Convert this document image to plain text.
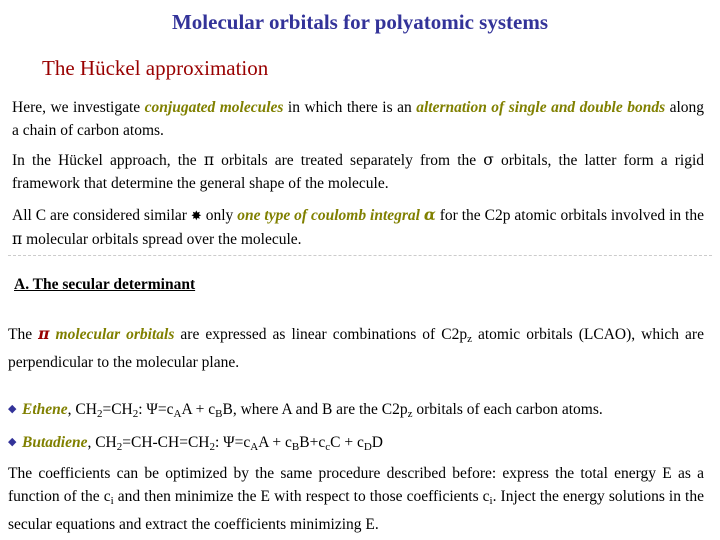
Molecular orbitals for polyatomic systems
The Hückel approximation
Here, we investigate conjugated molecules in which there is an alternation of single and double bonds along a chain of carbon atoms.
In the Hückel approach, the π orbitals are treated separately from the σ orbitals, the latter form a rigid framework that determine the general shape of the molecule.
All C are considered similar ✸ only one type of coulomb integral α for the C2p atomic orbitals involved in the π molecular orbitals spread over the molecule.
A. The secular determinant
The π molecular orbitals are expressed as linear combinations of C2pz atomic orbitals (LCAO), which are perpendicular to the molecular plane.
◆ Ethene, $CH_2=CH_2$: $\Psi=c_AA + c_BB$, where A and B are the $C2p_z$ orbitals of each carbon atoms.
◆ Butadiene, $CH_2=CH-CH=CH_2$: $\Psi=c_AA + c_BB+c_cC + c_DD$
The coefficients can be optimized by the same procedure described before: express the total energy E as a function of the $c_i$ and then minimize the E with respect to those coefficients $c_i$. Inject the energy solutions in the secular equations and extract the coefficients minimizing E.
